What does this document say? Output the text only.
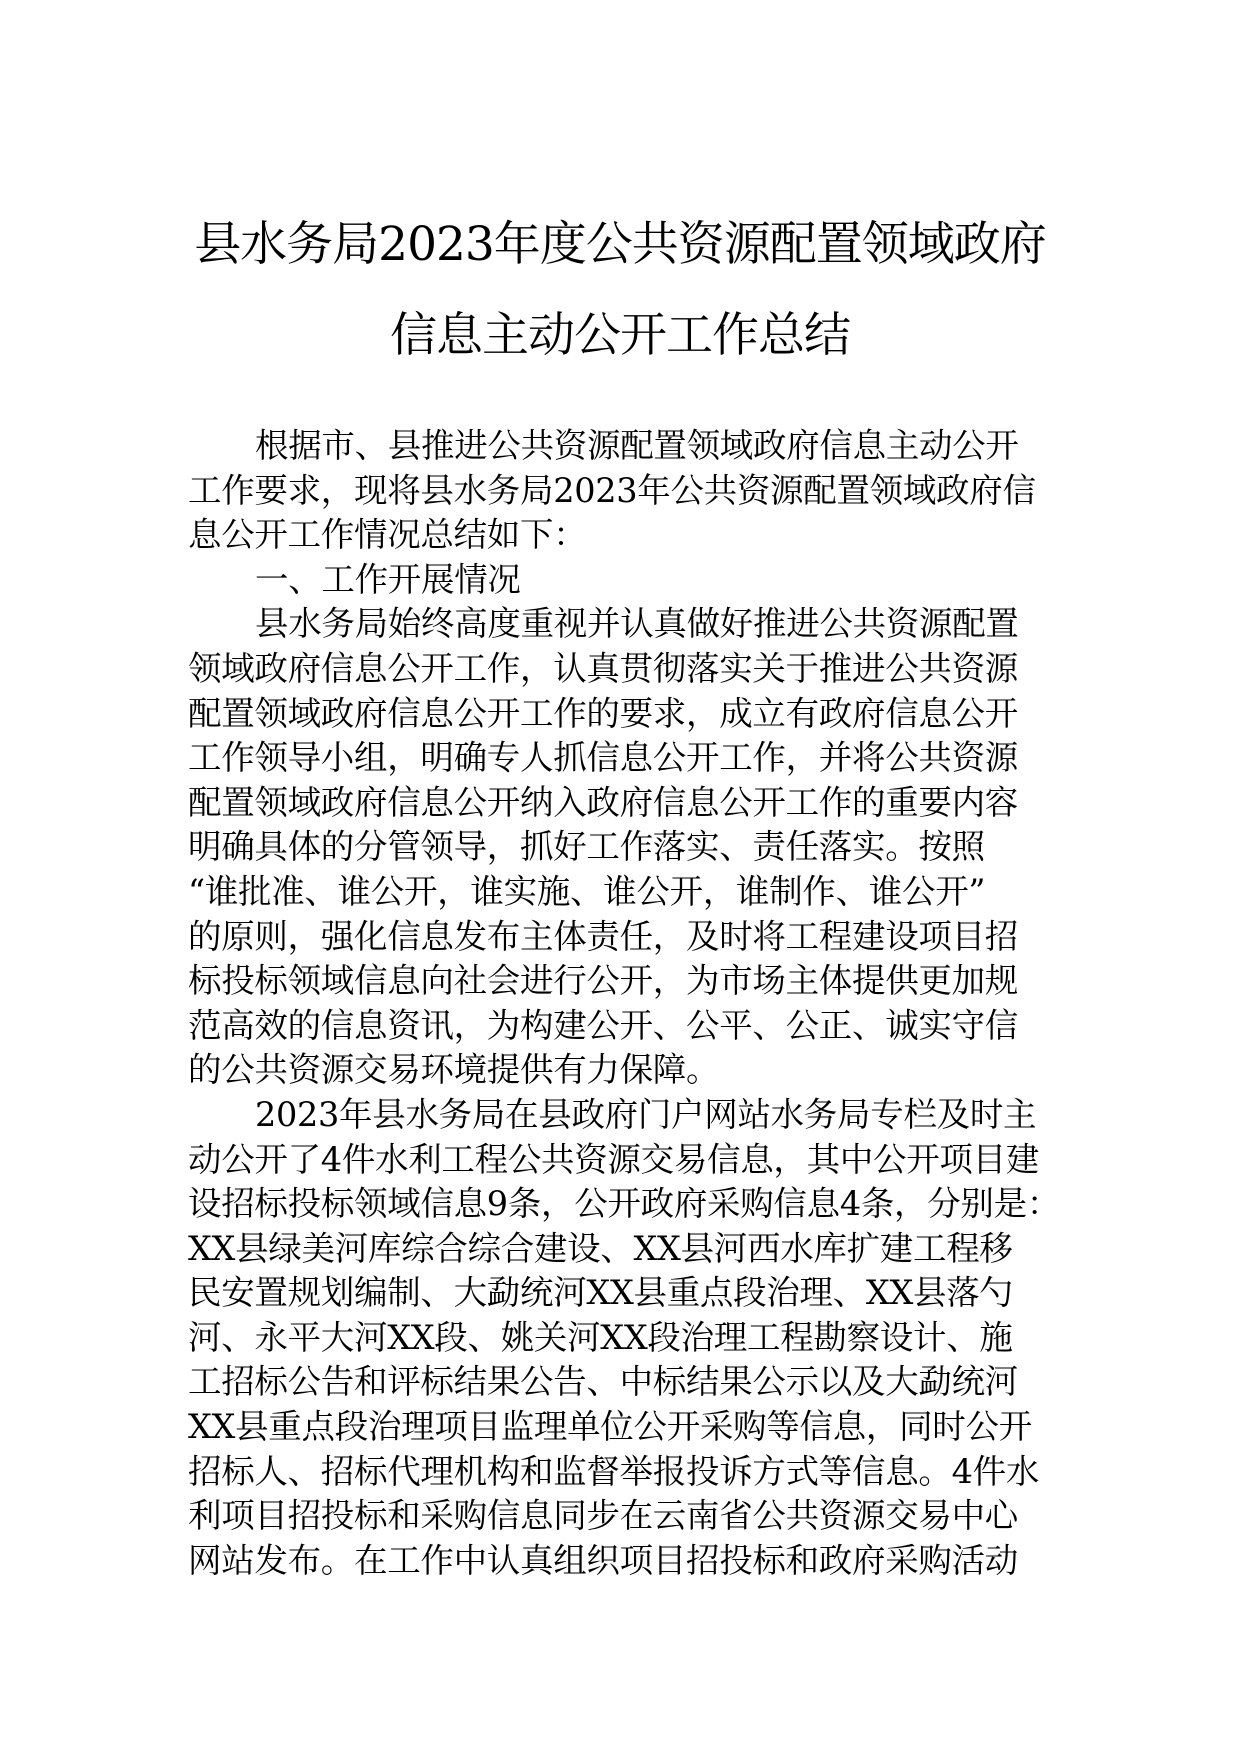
县水务局2023年度公共资源配置领域政府
信息主动公开工作总结
根据市、县推进公共资源配置领域政府信息主动公开
工作要求，现将县水务局2023年公共资源配置领域政府信
息公开工作情况总结如下：
一、工作开展情况
县水务局始终高度重视并认真做好推进公共资源配置
领域政府信息公开工作，认真贯彻落实关于推进公共资源
配置领域政府信息公开工作的要求，成立有政府信息公开
工作领导小组，明确专人抓信息公开工作，并将公共资源
配置领域政府信息公开纳入政府信息公开工作的重要内容
明确具体的分管领导，抓好工作落实、责任落实。按照
“谁批准、谁公开，谁实施、谁公开，谁制作、谁公开”
的原则，强化信息发布主体责任，及时将工程建设项目招
标投标领域信息向社会进行公开，为市场主体提供更加规
范高效的信息资讯，为构建公开、公平、公正、诚实守信
的公共资源交易环境提供有力保障。
2023年县水务局在县政府门户网站水务局专栏及时主
动公开了4件水利工程公共资源交易信息，其中公开项目建
设招标投标领域信息9条，公开政府采购信息4条，分别是：
XX县绿美河库综合综合建设、XX县河西水库扩建工程移
民安置规划编制、大勐统河XX县重点段治理、XX县落勺
河、永平大河XX段、姚关河XX段治理工程勘察设计、施
工招标公告和评标结果公告、中标结果公示以及大勐统河
XX县重点段治理项目监理单位公开采购等信息，同时公开
招标人、招标代理机构和监督举报投诉方式等信息。4件水
利项目招投标和采购信息同步在云南省公共资源交易中心
网站发布。在工作中认真组织项目招投标和政府采购活动
